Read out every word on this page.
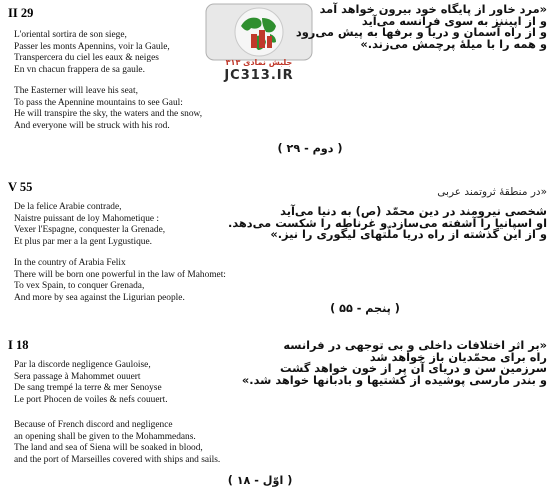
جلبش نمادی ۳۱۳
JC313.IR
II 29
L'oriental sortira de son siege,
Passer les monts Apennins, voir la Gaule,
Transpercera du ciel les eaux & neiges
En vn chacun frappera de sa gaule.
The Easterner will leave his seat,
To pass the Apennine mountains to see Gaul:
He will transpire the sky, the waters and the snow,
And everyone will be struck with his rod.
«مرد خاور از پایگاه خود بیرون خواهد آمد
و از اپیننز به سوی فرانسه می‌آید
و از راه آسمان و دریا و برفها به پیش می‌رود
و همه را با میلهٔ پرچمش می‌زند.»
( دوم - ۲۹ )
V 55
De la felice Arabie contrade,
Naistre puissant de loy Mahometique :
Vexer l'Espagne, conquester la Grenade,
Et plus par mer a la gent Lygustique.
In the country of Arabia Felix
There will be born one powerful in the law of Mahomet:
To vex Spain, to conquer Grenada,
And more by sea against the Ligurian people.
«در منطقهٔ ثروتمند عربی
شخصی نیرومند در دین محمّد (ص) به دنیا می‌آید
او اسپانیا را آشفته می‌سازد و غرناطه را شکست می‌دهد.
و از این گذشته از راه دریا ملّتهای لیگوری را نیز.»
( پنجم - ۵۵ )
I 18
Par la discorde negligence Gauloise,
Sera passage à Mahommet ouuert
De sang trempé la terre & mer Senoyse
Le port Phocen de voiles & nefs couuert.
Because of French discord and negligence
an opening shall be given to the Mohammedans.
The land and sea of Siena will be soaked in blood,
and the port of Marseilles covered with ships and sails.
«بر اثر اختلافات داخلی و بی توجهی در فرانسه
راه برای محمّدیان باز خواهد شد
سرزمین سن و دریای آن پر از خون خواهد گشت
و بندر مارسی پوشیده از کشتیها و بادبانها خواهد شد.»
( اوّل - ۱۸ )
